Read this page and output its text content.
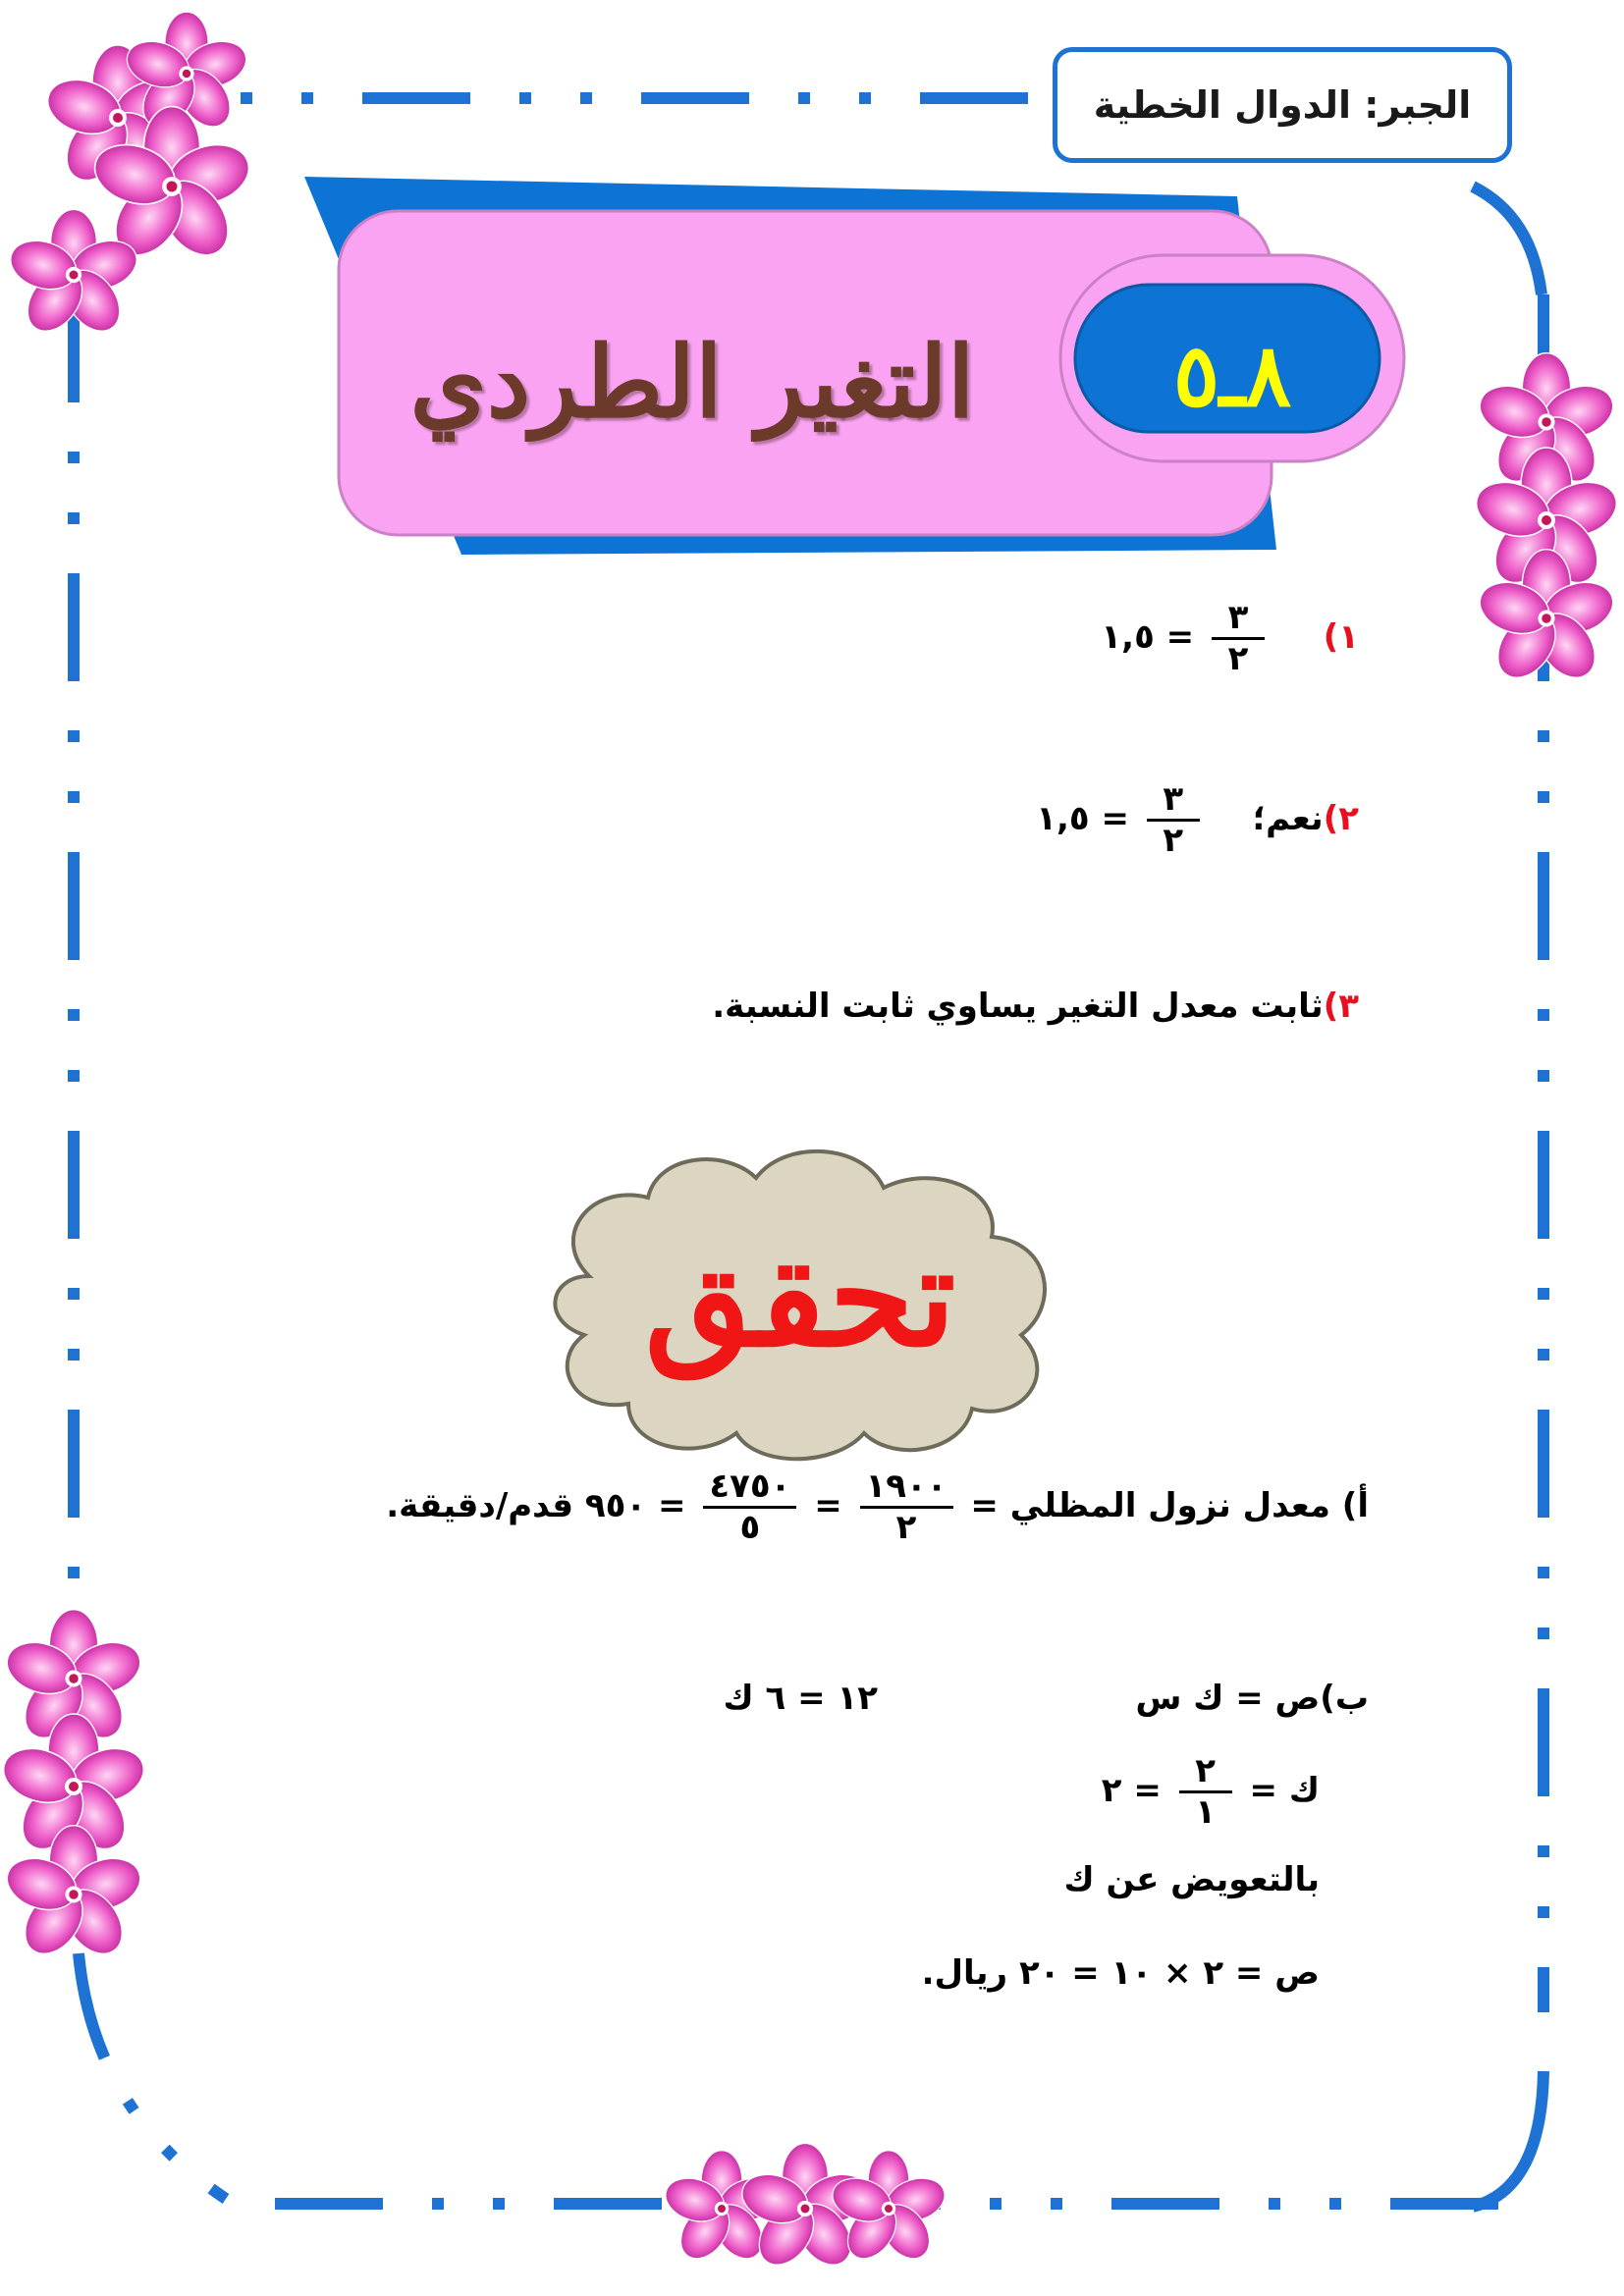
الجبر: الدوال الخطية
التغير الطردي	٨ـ٥
١)
$\frac{٣}{٢}$
= ١,٥
٢)نعم؛
$\frac{٣}{٢}$
= ١,٥
٣)ثابت معدل التغير يساوي ثابت النسبة.
تحقق
أ) معدل نزول المظلي =
$\frac{١٩٠٠}{٢}$
=
$\frac{٤٧٥٠}{٥}$
= ٩٥٠ قدم/دقيقة.
ب)ص = ك س
١٢ = ٦ ك
ك =
$\frac{٢}{١}$
= ٢
بالتعويض عن ك
ص = ٢ × ١٠ = ٢٠ ريال.
